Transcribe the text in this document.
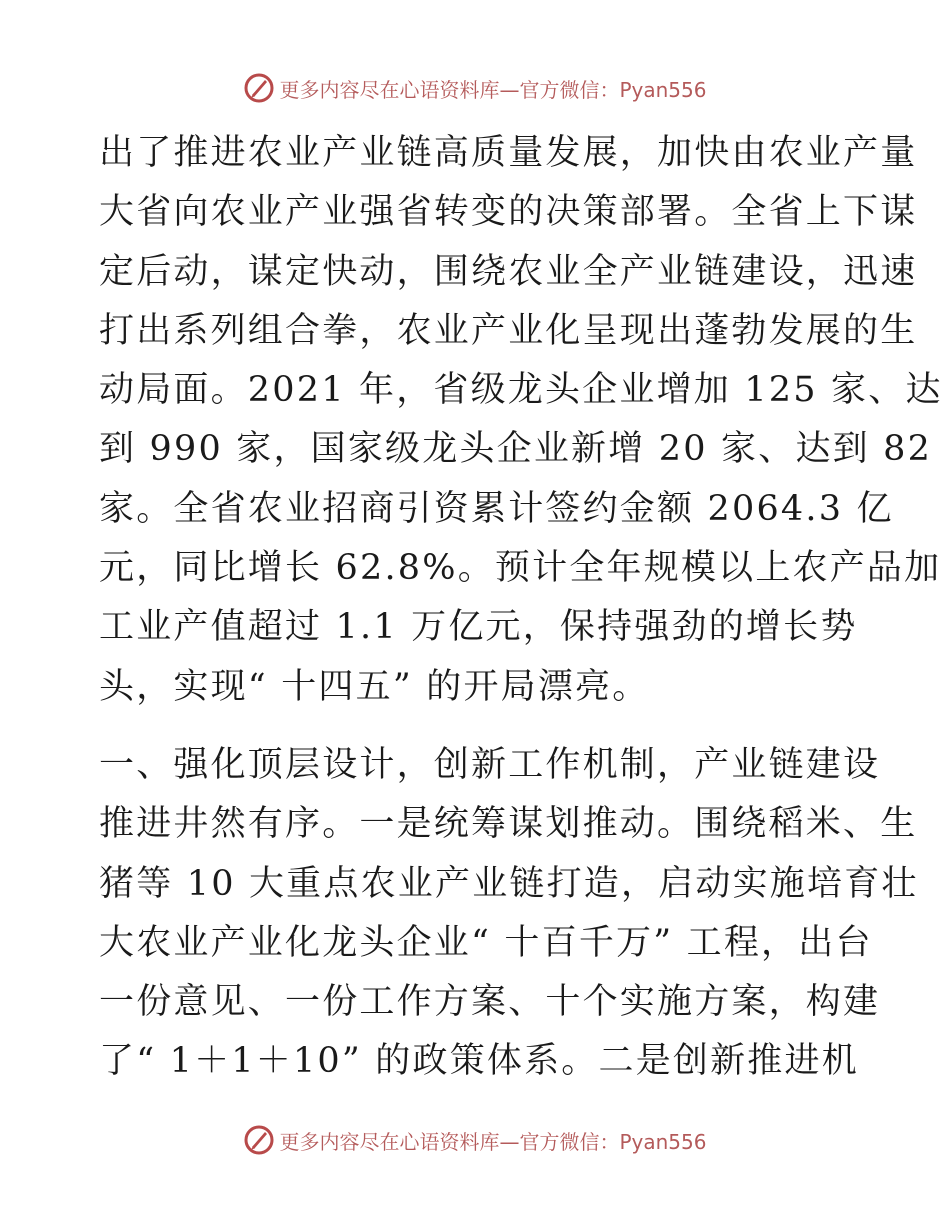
更多内容尽在心语资料库—官方微信：Pyan556

出了推进农业产业链高质量发展，加快由农业产量

大省向农业产业强省转变的决策部署。全省上下谋

定后动，谋定快动，围绕农业全产业链建设，迅速

打出系列组合拳，农业产业化呈现出蓬勃发展的生

动局面。2021 年，省级龙头企业增加 125 家、达

到 990 家，国家级龙头企业新增 20 家、达到 82

家。全省农业招商引资累计签约金额 2064.3 亿

元，同比增长 62.8%。预计全年规模以上农产品加

工业产值超过 1.1 万亿元，保持强劲的增长势

头，实现“ 十四五” 的开局漂亮。

一、强化顶层设计，创新工作机制，产业链建设

推进井然有序。一是统筹谋划推动。围绕稻米、生

猪等 10 大重点农业产业链打造，启动实施培育壮

大农业产业化龙头企业“ 十百千万” 工程，出台

一份意见、一份工作方案、十个实施方案，构建

了“ 1＋1＋10” 的政策体系。二是创新推进机

更多内容尽在心语资料库—官方微信：Pyan556
